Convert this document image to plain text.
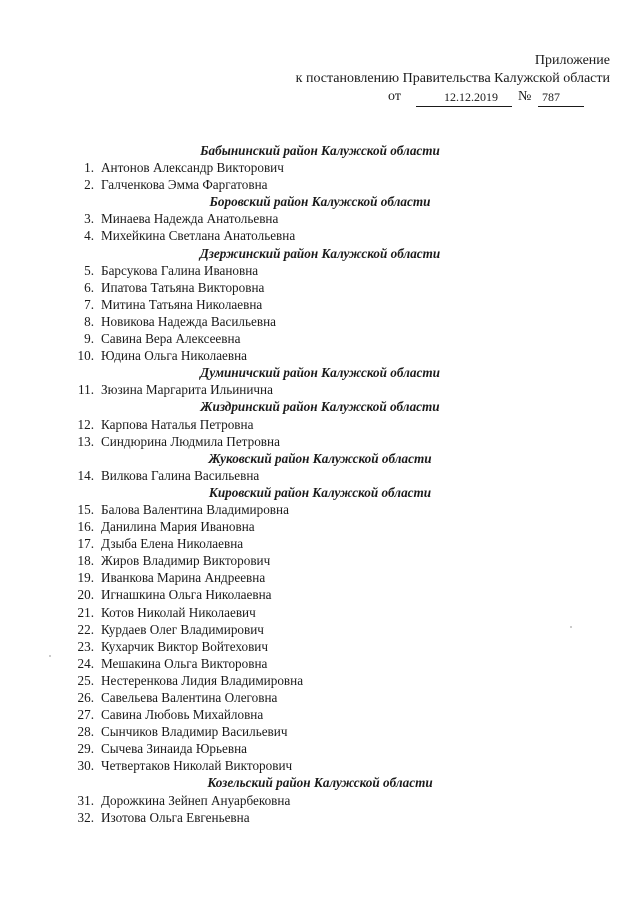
Приложение
к постановлению Правительства Калужской области
от	12.12.2019	№ 787
Бабынинский район Калужской области
1. Антонов Александр Викторович
2. Галченкова Эмма Фаргатовна
Боровский район Калужской области
3. Минаева Надежда Анатольевна
4. Михейкина Светлана Анатольевна
Дзержинский район Калужской области
5. Барсукова Галина Ивановна
6. Ипатова Татьяна Викторовна
7. Митина Татьяна Николаевна
8. Новикова Надежда Васильевна
9. Савина Вера Алексеевна
10. Юдина Ольга Николаевна
Думиничский район Калужской области
11. Зюзина Маргарита Ильинична
Жиздринский район Калужской области
12. Карпова Наталья Петровна
13. Синдюрина Людмила Петровна
Жуковский район Калужской области
14. Вилкова Галина Васильевна
Кировский район Калужской области
15. Балова Валентина Владимировна
16. Данилина Мария Ивановна
17. Дзыба Елена Николаевна
18. Жиров Владимир Викторович
19. Иванкова Марина Андреевна
20. Игнашкина Ольга Николаевна
21. Котов Николай Николаевич
22. Курдаев Олег Владимирович
23. Кухарчик Виктор Войтехович
24. Мешакина Ольга Викторовна
25. Нестеренкова Лидия Владимировна
26. Савельева Валентина Олеговна
27. Савина Любовь Михайловна
28. Сынчиков Владимир Васильевич
29. Сычева Зинаида Юрьевна
30. Четвертаков Николай Викторович
Козельский район Калужской области
31. Дорожкина Зейнеп Ануарбековна
32. Изотова Ольга Евгеньевна
